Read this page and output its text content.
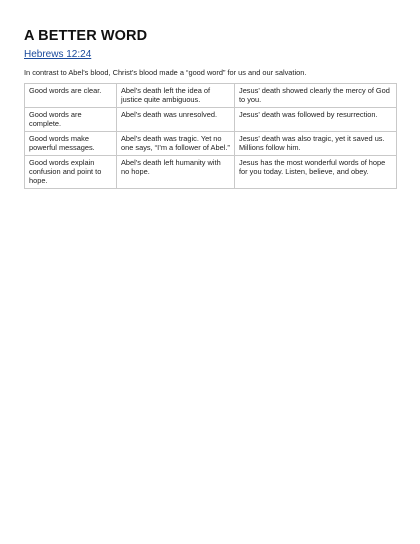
A BETTER WORD
Hebrews 12:24

In contrast to Abel’s blood, Christ’s blood made a “good word” for us and our salvation.

Good words are clear.	Abel’s death left the idea of justice quite ambiguous.	Jesus’ death showed clearly the mercy of God to you.
Good words are complete.	Abel’s death was unresolved.	Jesus’ death was followed by resurrection.
Good words make powerful messages.	Abel’s death was tragic. Yet no one says, “I’m a follower of Abel.”	Jesus’ death was also tragic, yet it saved us. Millions follow him.
Good words explain confusion and point to hope.	Abel’s death left humanity with no hope.	Jesus has the most wonderful words of hope for you today. Listen, believe, and obey.
